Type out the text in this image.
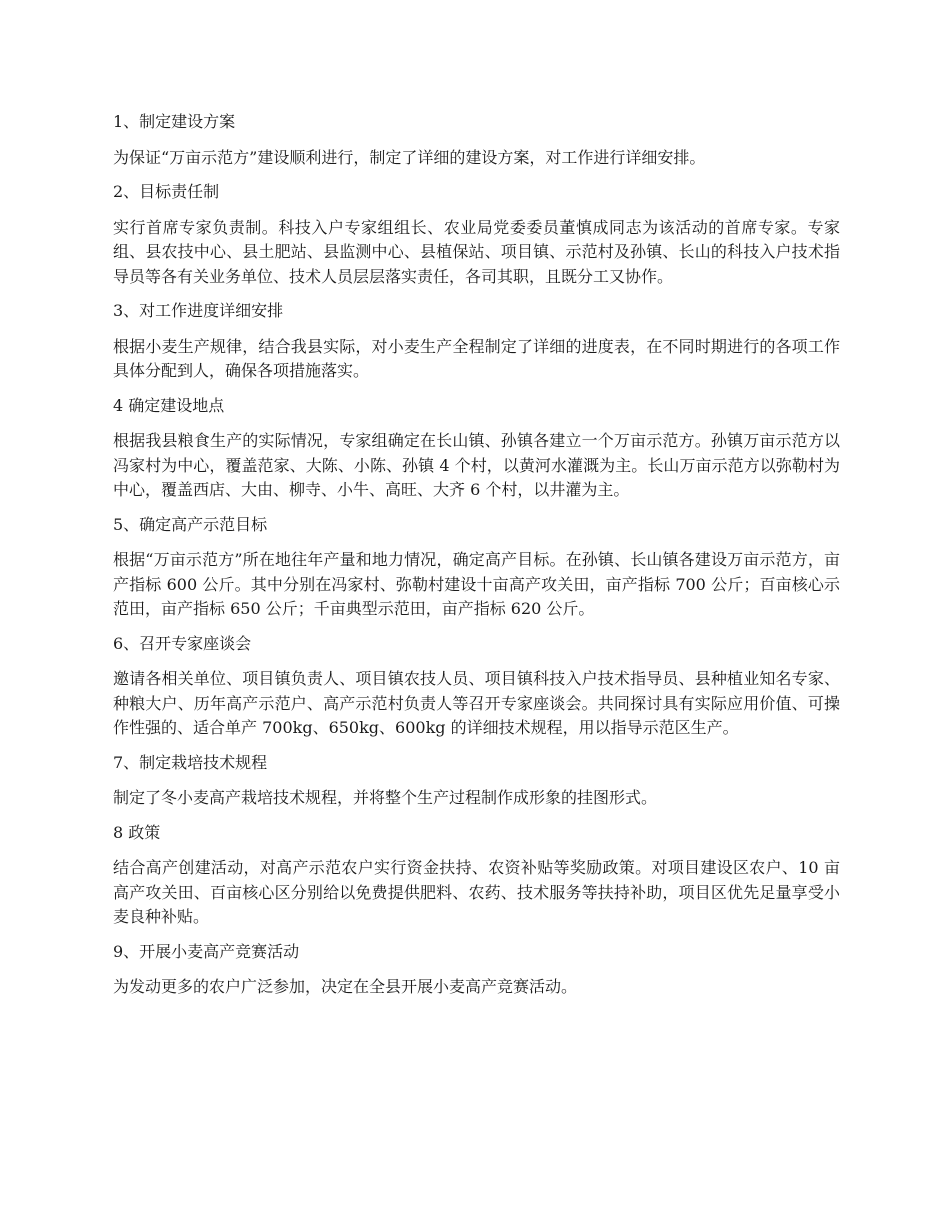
1、制定建设方案

为保证“万亩示范方”建设顺利进行，制定了详细的建设方案，对工作进行详细安排。

2、目标责任制

实行首席专家负责制。科技入户专家组组长、农业局党委委员董慎成同志为该活动的首席专家。专家组、县农技中心、县土肥站、县监测中心、县植保站、项目镇、示范村及孙镇、长山的科技入户技术指导员等各有关业务单位、技术人员层层落实责任，各司其职，且既分工又协作。

3、对工作进度详细安排

根据小麦生产规律，结合我县实际，对小麦生产全程制定了详细的进度表，在不同时期进行的各项工作具体分配到人，确保各项措施落实。

4 确定建设地点

根据我县粮食生产的实际情况，专家组确定在长山镇、孙镇各建立一个万亩示范方。孙镇万亩示范方以冯家村为中心，覆盖范家、大陈、小陈、孙镇 4 个村，以黄河水灌溉为主。长山万亩示范方以弥勒村为中心，覆盖西店、大由、柳寺、小牛、高旺、大齐 6 个村，以井灌为主。

5、确定高产示范目标

根据“万亩示范方”所在地往年产量和地力情况，确定高产目标。在孙镇、长山镇各建设万亩示范方，亩产指标 600 公斤。其中分别在冯家村、弥勒村建设十亩高产攻关田，亩产指标 700 公斤；百亩核心示范田，亩产指标 650 公斤；千亩典型示范田，亩产指标 620 公斤。

6、召开专家座谈会

邀请各相关单位、项目镇负责人、项目镇农技人员、项目镇科技入户技术指导员、县种植业知名专家、种粮大户、历年高产示范户、高产示范村负责人等召开专家座谈会。共同探讨具有实际应用价值、可操作性强的、适合单产 700kg、650kg、600kg 的详细技术规程，用以指导示范区生产。

7、制定栽培技术规程

制定了冬小麦高产栽培技术规程，并将整个生产过程制作成形象的挂图形式。

8 政策

结合高产创建活动，对高产示范农户实行资金扶持、农资补贴等奖励政策。对项目建设区农户、10 亩高产攻关田、百亩核心区分别给以免费提供肥料、农药、技术服务等扶持补助，项目区优先足量享受小麦良种补贴。

9、开展小麦高产竞赛活动

为发动更多的农户广泛参加，决定在全县开展小麦高产竞赛活动。
